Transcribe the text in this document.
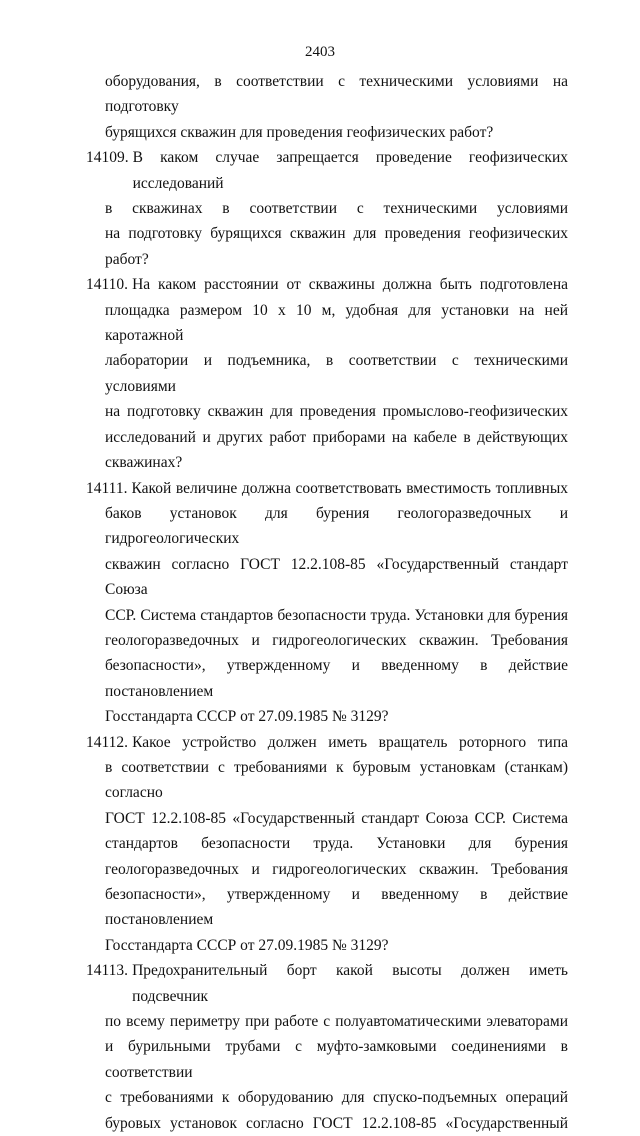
2403
оборудования, в соответствии с техническими условиями на подготовку
бурящихся скважин для проведения геофизических работ?
14109. В каком случае запрещается проведение геофизических исследований
в скважинах в соответствии с техническими условиями
на подготовку бурящихся скважин для проведения геофизических работ?
14110. На каком расстоянии от скважины должна быть подготовлена
площадка размером 10 х 10 м, удобная для установки на ней каротажной
лаборатории и подъемника, в соответствии с техническими условиями
на подготовку скважин для проведения промыслово-геофизических
исследований и других работ приборами на кабеле в действующих
скважинах?
14111. Какой величине должна соответствовать вместимость топливных
баков установок для бурения геологоразведочных и гидрогеологических
скважин согласно ГОСТ 12.2.108-85 «Государственный стандарт Союза
ССР. Система стандартов безопасности труда. Установки для бурения
геологоразведочных и гидрогеологических скважин. Требования
безопасности», утвержденному и введенному в действие постановлением
Госстандарта СССР от 27.09.1985 № 3129?
14112. Какое устройство должен иметь вращатель роторного типа
в соответствии с требованиями к буровым установкам (станкам) согласно
ГОСТ 12.2.108-85 «Государственный стандарт Союза ССР. Система
стандартов безопасности труда. Установки для бурения
геологоразведочных и гидрогеологических скважин. Требования
безопасности», утвержденному и введенному в действие постановлением
Госстандарта СССР от 27.09.1985 № 3129?
14113. Предохранительный борт какой высоты должен иметь подсвечник
по всему периметру при работе с полуавтоматическими элеваторами
и бурильными трубами с муфто-замковыми соединениями в соответствии
с требованиями к оборудованию для спуско-подъемных операций
буровых установок согласно ГОСТ 12.2.108-85 «Государственный
